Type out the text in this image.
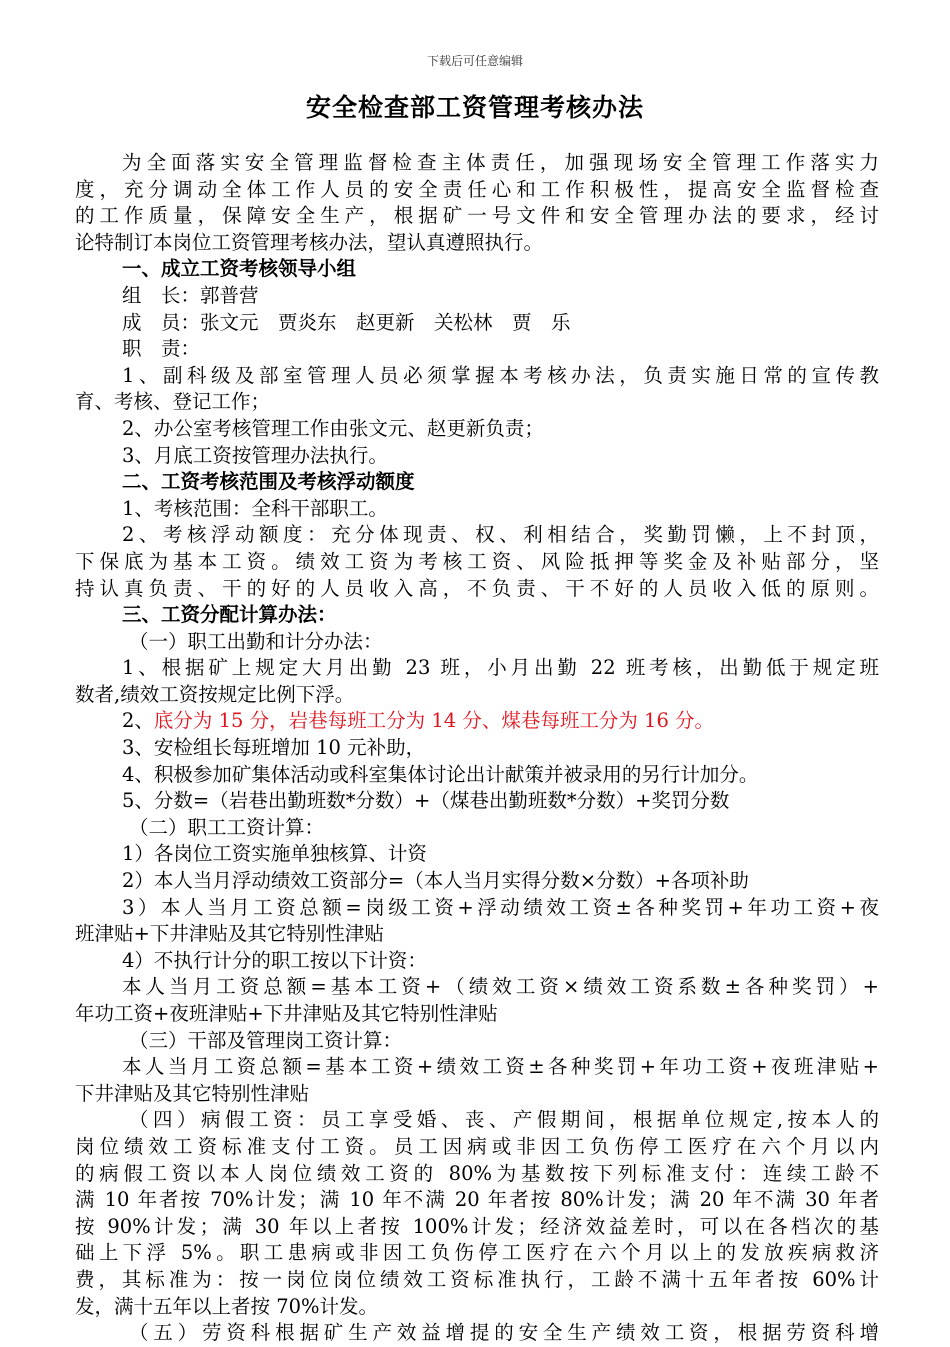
下载后可任意编辑
安全检查部工资管理考核办法
为全面落实安全管理监督检查主体责任，加强现场安全管理工作落实力
度，充分调动全体工作人员的安全责任心和工作积极性，提高安全监督检查
的工作质量，保障安全生产，根据矿一号文件和安全管理办法的要求，经讨
论特制订本岗位工资管理考核办法，望认真遵照执行。
一、成立工资考核领导小组
组　长：郭普营
成　员：张文元　贾炎东　赵更新　关松林　贾　乐
职　责：
1、副科级及部室管理人员必须掌握本考核办法，负责实施日常的宣传教
育、考核、登记工作；
2、办公室考核管理工作由张文元、赵更新负责；
3、月底工资按管理办法执行。
二、工资考核范围及考核浮动额度
1、考核范围：全科干部职工。
2、考核浮动额度：充分体现责、权、利相结合，奖勤罚懒，上不封顶，
下保底为基本工资。绩效工资为考核工资、风险抵押等奖金及补贴部分，坚
持认真负责、干的好的人员收入高，不负责、干不好的人员收入低的原则。
三、工资分配计算办法：
（一）职工出勤和计分办法：
1、根据矿上规定大月出勤 23 班，小月出勤 22 班考核，出勤低于规定班
数者,绩效工资按规定比例下浮。
2、底分为 15 分，岩巷每班工分为 14 分、煤巷每班工分为 16 分。
3、安检组长每班增加 10 元补助，
4、积极参加矿集体活动或科室集体讨论出计献策并被录用的另行计加分。
5、分数=（岩巷出勤班数*分数）+（煤巷出勤班数*分数）+奖罚分数
（二）职工工资计算：
1）各岗位工资实施单独核算、计资
2）本人当月浮动绩效工资部分=（本人当月实得分数×分数）+各项补助
3）本人当月工资总额=岗级工资+浮动绩效工资±各种奖罚+年功工资+夜
班津贴+下井津贴及其它特别性津贴
4）不执行计分的职工按以下计资：
本人当月工资总额=基本工资+（绩效工资×绩效工资系数±各种奖罚）+
年功工资+夜班津贴+下井津贴及其它特别性津贴
（三）干部及管理岗工资计算：
本人当月工资总额=基本工资+绩效工资±各种奖罚+年功工资+夜班津贴+
下井津贴及其它特别性津贴
（四）病假工资：员工享受婚、丧、产假期间，根据单位规定,按本人的
岗位绩效工资标准支付工资。员工因病或非因工负伤停工医疗在六个月以内
的病假工资以本人岗位绩效工资的 80%为基数按下列标准支付：连续工龄不
满 10 年者按 70%计发；满 10 年不满 20 年者按 80%计发；满 20 年不满 30 年者
按 90%计发；满 30 年以上者按 100%计发；经济效益差时，可以在各档次的基
础上下浮 5%。职工患病或非因工负伤停工医疗在六个月以上的发放疾病救济
费，其标准为：按一岗位岗位绩效工资标准执行，工龄不满十五年者按 60%计
发，满十五年以上者按 70%计发。
（五）劳资科根据矿生产效益增提的安全生产绩效工资，根据劳资科增
